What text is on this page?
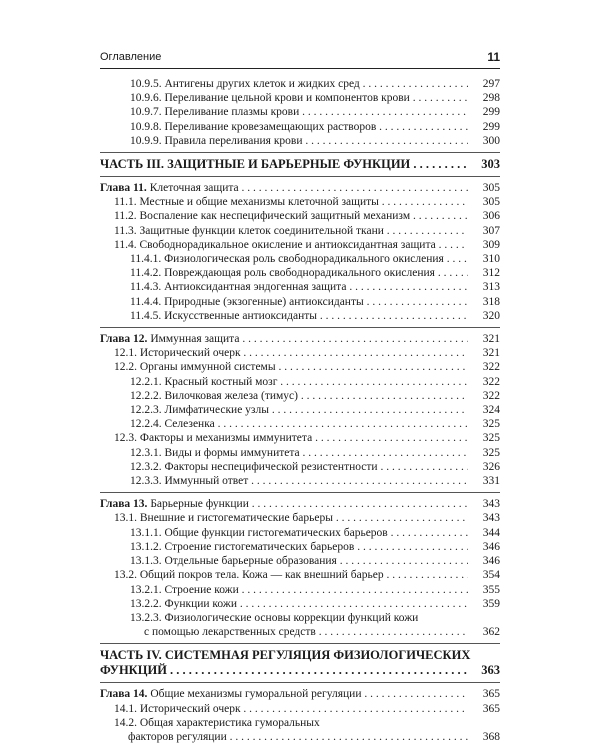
Оглавление	11
10.9.5. Антигены других клеток и жидких сред . . .	297
10.9.6. Переливание цельной крови и компонентов крови . . .	298
10.9.7. Переливание плазмы крови . . .	299
10.9.8. Переливание кровезамещающих растворов . . .	299
10.9.9. Правила переливания крови . . .	300
ЧАСТЬ III. ЗАЩИТНЫЕ И БАРЬЕРНЫЕ ФУНКЦИИ . . .	303
Глава 11. Клеточная защита . . .	305
11.1. Местные и общие механизмы клеточной защиты . . .	305
11.2. Воспаление как неспецифический защитный механизм . . .	306
11.3. Защитные функции клеток соединительной ткани . . .	307
11.4. Свободнорадикальное окисление и антиоксидантная защита . . .	309
11.4.1. Физиологическая роль свободнорадикального окисления . . .	310
11.4.2. Повреждающая роль свободнорадикального окисления . . .	312
11.4.3. Антиоксидантная эндогенная защита . . .	313
11.4.4. Природные (экзогенные) антиоксиданты . . .	318
11.4.5. Искусственные антиоксиданты . . .	320
Глава 12. Иммунная защита . . .	321
12.1. Исторический очерк . . .	321
12.2. Органы иммунной системы . . .	322
12.2.1. Красный костный мозг . . .	322
12.2.2. Вилочковая железа (тимус) . . .	322
12.2.3. Лимфатические узлы . . .	324
12.2.4. Селезенка . . .	325
12.3. Факторы и механизмы иммунитета . . .	325
12.3.1. Виды и формы иммунитета . . .	325
12.3.2. Факторы неспецифической резистентности . . .	326
12.3.3. Иммунный ответ . . .	331
Глава 13. Барьерные функции . . .	343
13.1. Внешние и гистогематические барьеры . . .	343
13.1.1. Общие функции гистогематических барьеров . . .	344
13.1.2. Строение гистогематических барьеров . . .	346
13.1.3. Отдельные барьерные образования . . .	346
13.2. Общий покров тела. Кожа — как внешний барьер . . .	354
13.2.1. Строение кожи . . .	355
13.2.2. Функции кожи . . .	359
13.2.3. Физиологические основы коррекции функций кожи
с помощью лекарственных средств . . .	362
ЧАСТЬ IV. СИСТЕМНАЯ РЕГУЛЯЦИЯ ФИЗИОЛОГИЧЕСКИХ
ФУНКЦИЙ . . .	363
Глава 14. Общие механизмы гуморальной регуляции . . .	365
14.1. Исторический очерк . . .	365
14.2. Общая характеристика гуморальных
факторов регуляции . . .	368
